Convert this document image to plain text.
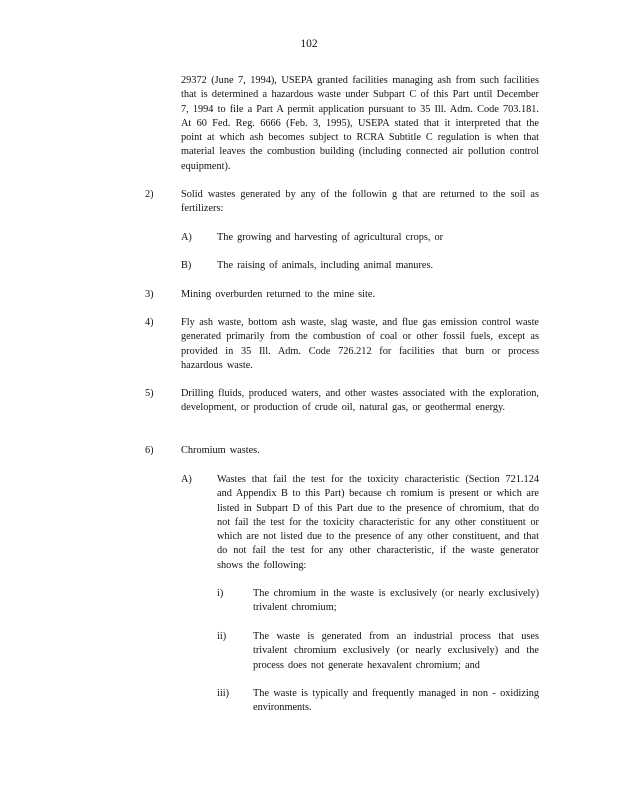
102
29372 (June 7, 1994), USEPA granted facilities managing ash from such facilities that is determined a hazardous waste under Subpart C of this Part until December 7, 1994 to file a Part A permit application pursuant to 35 Ill. Adm. Code 703.181. At 60 Fed. Reg. 6666 (Feb. 3, 1995), USEPA stated that it interpreted that the point at which ash becomes subject to RCRA Subtitle C regulation is when that material leaves the combustion building (including connected air pollution control equipment).
2)	Solid wastes generated by any of the followin g that are returned to the soil as fertilizers:
A) The growing and harvesting of agricultural crops, or
B) The raising of animals, including animal manures.
3)	Mining overburden returned to the mine site.
4)	Fly ash waste, bottom ash waste, slag waste, and flue gas emission control waste generated primarily from the combustion of coal or other fossil fuels, except as provided in 35 Ill. Adm. Code 726.212 for facilities that burn or process hazardous waste.
5)	Drilling fluids, produced waters, and other wastes associated with the exploration, development, or production of crude oil, natural gas, or geothermal energy.
6)	Chromium wastes.
A) Wastes that fail the test for the toxicity characteristic (Section 721.124 and Appendix B to this Part) because ch romium is present or which are listed in Subpart D of this Part due to the presence of chromium, that do not fail the test for the toxicity characteristic for any other constituent or which are not listed due to the presence of any other constituent, and that do not fail the test for any other characteristic, if the waste generator shows the following:
i)	The chromium in the waste is exclusively (or nearly exclusively) trivalent chromium;
ii)	The waste is generated from an industrial process that uses trivalent chromium exclusively (or nearly exclusively) and the process does not generate hexavalent chromium; and
iii) The waste is typically and frequently managed in non - oxidizing environments.
